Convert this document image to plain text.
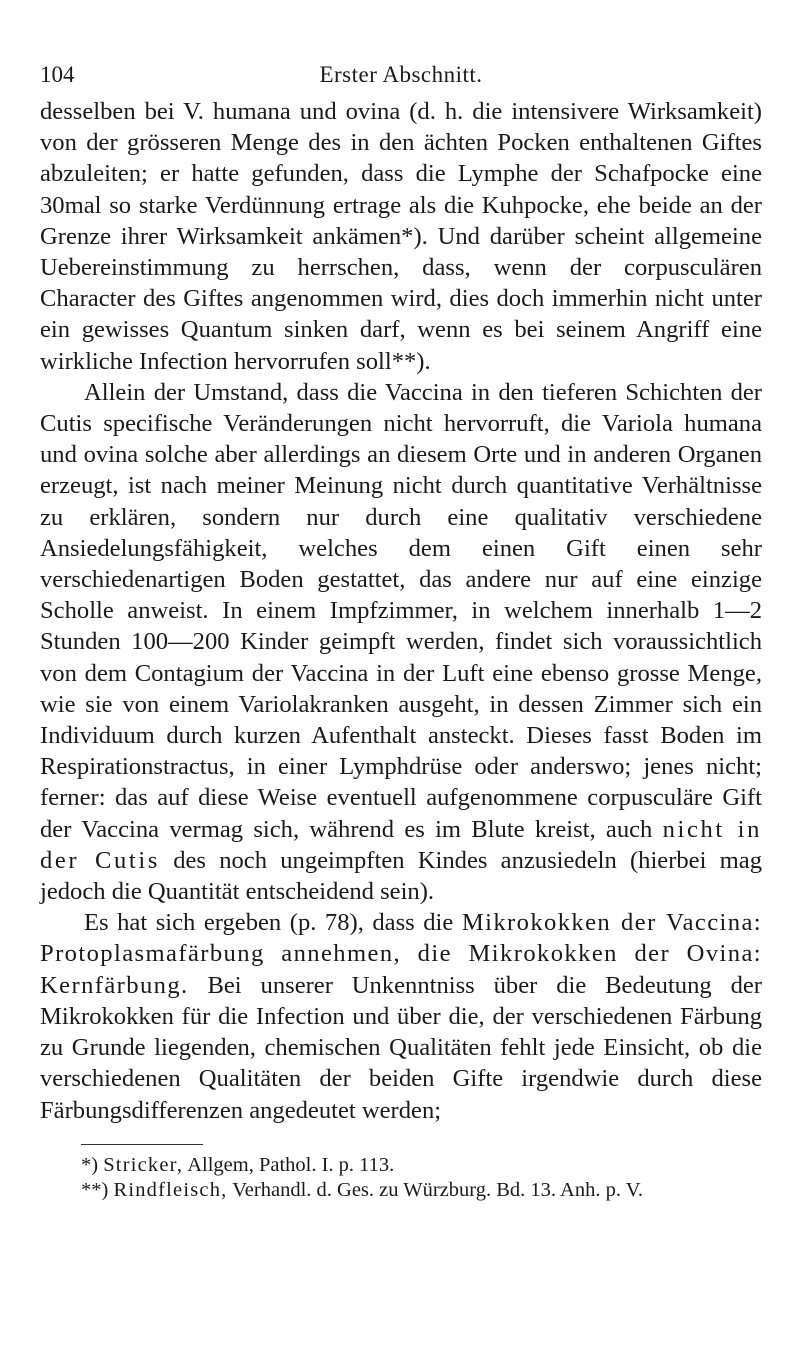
104	Erster Abschnitt.

desselben bei V. humana und ovina (d. h. die intensivere Wirksamkeit) von der grösseren Menge des in den ächten Pocken enthaltenen Giftes abzuleiten; er hatte gefunden, dass die Lymphe der Schafpocke eine 30mal so starke Verdünnung ertrage als die Kuhpocke, ehe beide an der Grenze ihrer Wirksamkeit ankämen*). Und darüber scheint allgemeine Uebereinstimmung zu herrschen, dass, wenn der corpusculären Character des Giftes angenommen wird, dies doch immerhin nicht unter ein gewisses Quantum sinken darf, wenn es bei seinem Angriff eine wirkliche Infection hervorrufen soll**).

Allein der Umstand, dass die Vaccina in den tieferen Schichten der Cutis specifische Veränderungen nicht hervorruft, die Variola humana und ovina solche aber allerdings an diesem Orte und in anderen Organen erzeugt, ist nach meiner Meinung nicht durch quantitative Verhältnisse zu erklären, sondern nur durch eine qualitativ verschiedene Ansiedelungsfähigkeit, welches dem einen Gift einen sehr verschiedenartigen Boden gestattet, das andere nur auf eine einzige Scholle anweist. In einem Impfzimmer, in welchem innerhalb 1—2 Stunden 100—200 Kinder geimpft werden, findet sich voraussichtlich von dem Contagium der Vaccina in der Luft eine ebenso grosse Menge, wie sie von einem Variolakranken ausgeht, in dessen Zimmer sich ein Individuum durch kurzen Aufenthalt ansteckt. Dieses fasst Boden im Respirationstractus, in einer Lymphdrüse oder anderswo; jenes nicht; ferner: das auf diese Weise eventuell aufgenommene corpusculäre Gift der Vaccina vermag sich, während es im Blute kreist, auch nicht in der Cutis des noch ungeimpften Kindes anzusiedeln (hierbei mag jedoch die Quantität entscheidend sein).

Es hat sich ergeben (p. 78), dass die Mikrokokken der Vaccina: Protoplasmafärbung annehmen, die Mikrokokken der Ovina: Kernfärbung. Bei unserer Unkenntniss über die Bedeutung der Mikrokokken für die Infection und über die, der verschiedenen Färbung zu Grunde liegenden, chemischen Qualitäten fehlt jede Einsicht, ob die verschiedenen Qualitäten der beiden Gifte irgendwie durch diese Färbungsdifferenzen angedeutet werden;

*) Stricker, Allgem, Pathol. I. p. 113.

**) Rindfleisch, Verhandl. d. Ges. zu Würzburg. Bd. 13. Anh. p. V.
